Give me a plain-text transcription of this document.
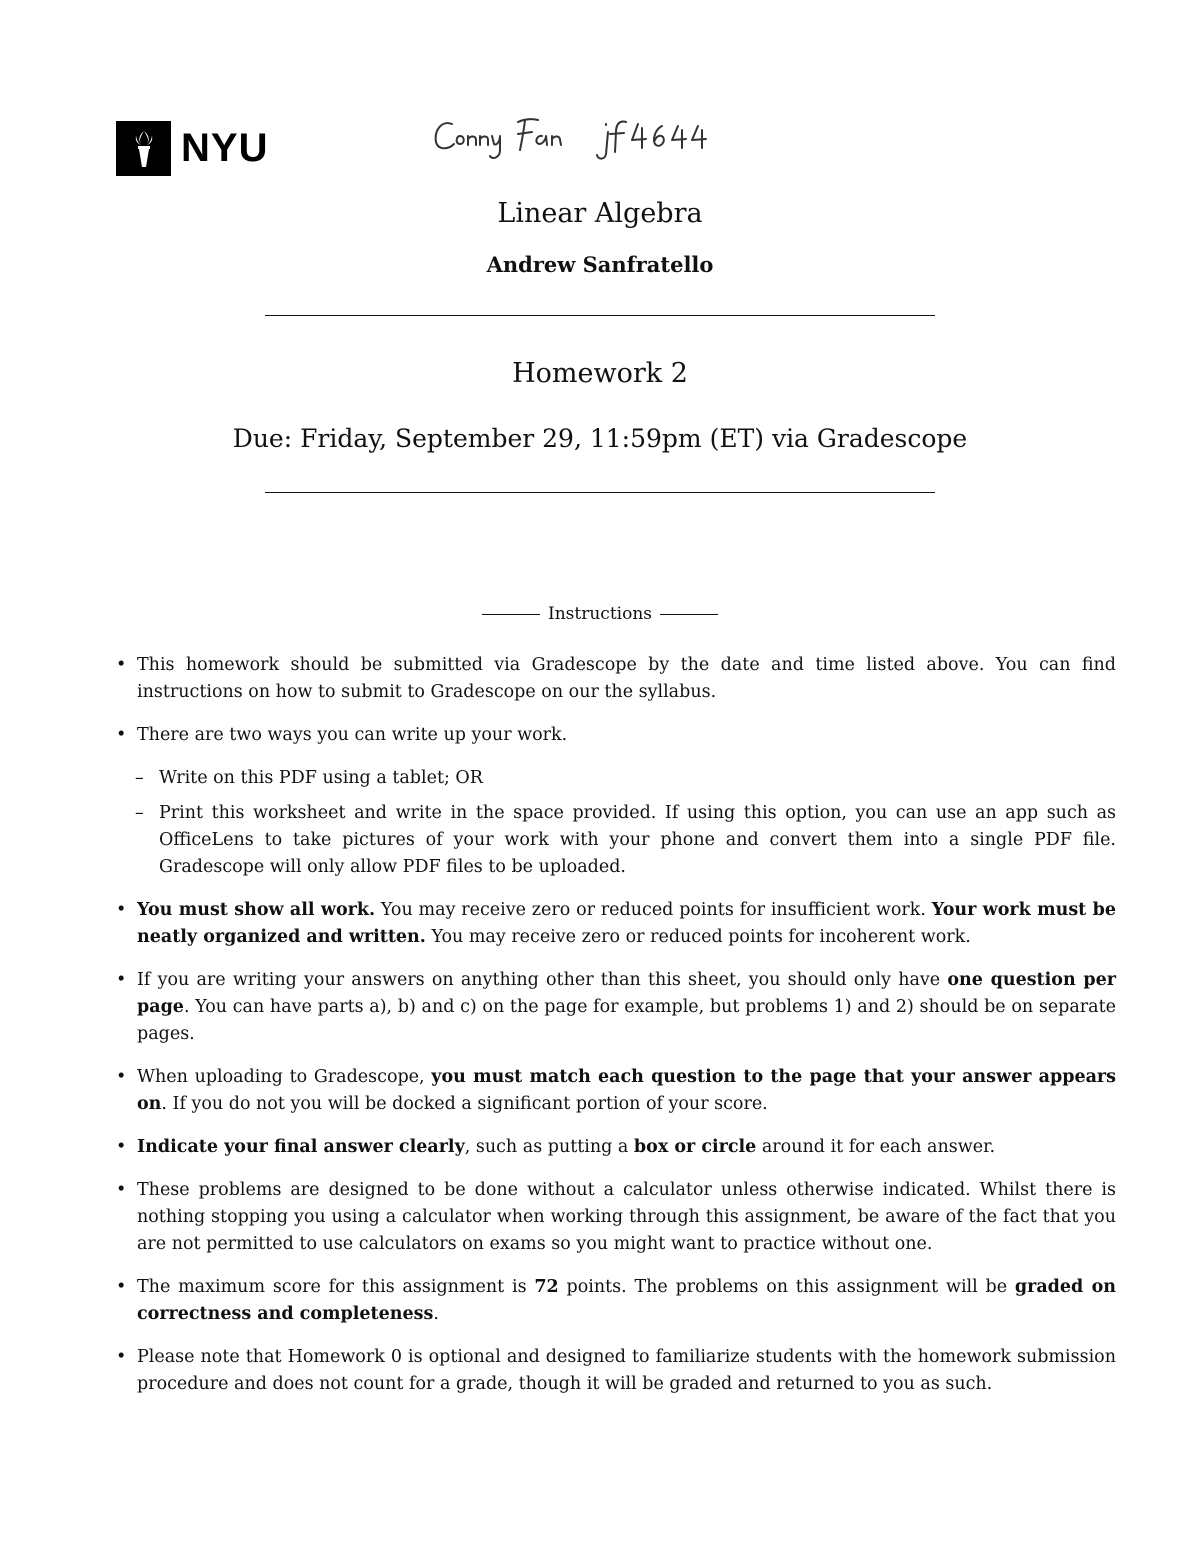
NYU
Linear Algebra
Andrew Sanfratello
Homework 2
Due: Friday, September 29, 11:59pm (ET) via Gradescope
Instructions
• This homework should be submitted via Gradescope by the date and time listed above. You can find instructions on how to submit to Gradescope on our the syllabus.
• There are two ways you can write up your work.
– Write on this PDF using a tablet; OR
– Print this worksheet and write in the space provided. If using this option, you can use an app such as OfficeLens to take pictures of your work with your phone and convert them into a single PDF file. Gradescope will only allow PDF files to be uploaded.
• You must show all work. You may receive zero or reduced points for insufficient work. Your work must be neatly organized and written. You may receive zero or reduced points for incoherent work.
• If you are writing your answers on anything other than this sheet, you should only have one question per page. You can have parts a), b) and c) on the page for example, but problems 1) and 2) should be on separate pages.
• When uploading to Gradescope, you must match each question to the page that your answer appears on. If you do not you will be docked a significant portion of your score.
• Indicate your final answer clearly, such as putting a box or circle around it for each answer.
• These problems are designed to be done without a calculator unless otherwise indicated. Whilst there is nothing stopping you using a calculator when working through this assignment, be aware of the fact that you are not permitted to use calculators on exams so you might want to practice without one.
• The maximum score for this assignment is 72 points. The problems on this assignment will be graded on correctness and completeness.
• Please note that Homework 0 is optional and designed to familiarize students with the homework submission procedure and does not count for a grade, though it will be graded and returned to you as such.
